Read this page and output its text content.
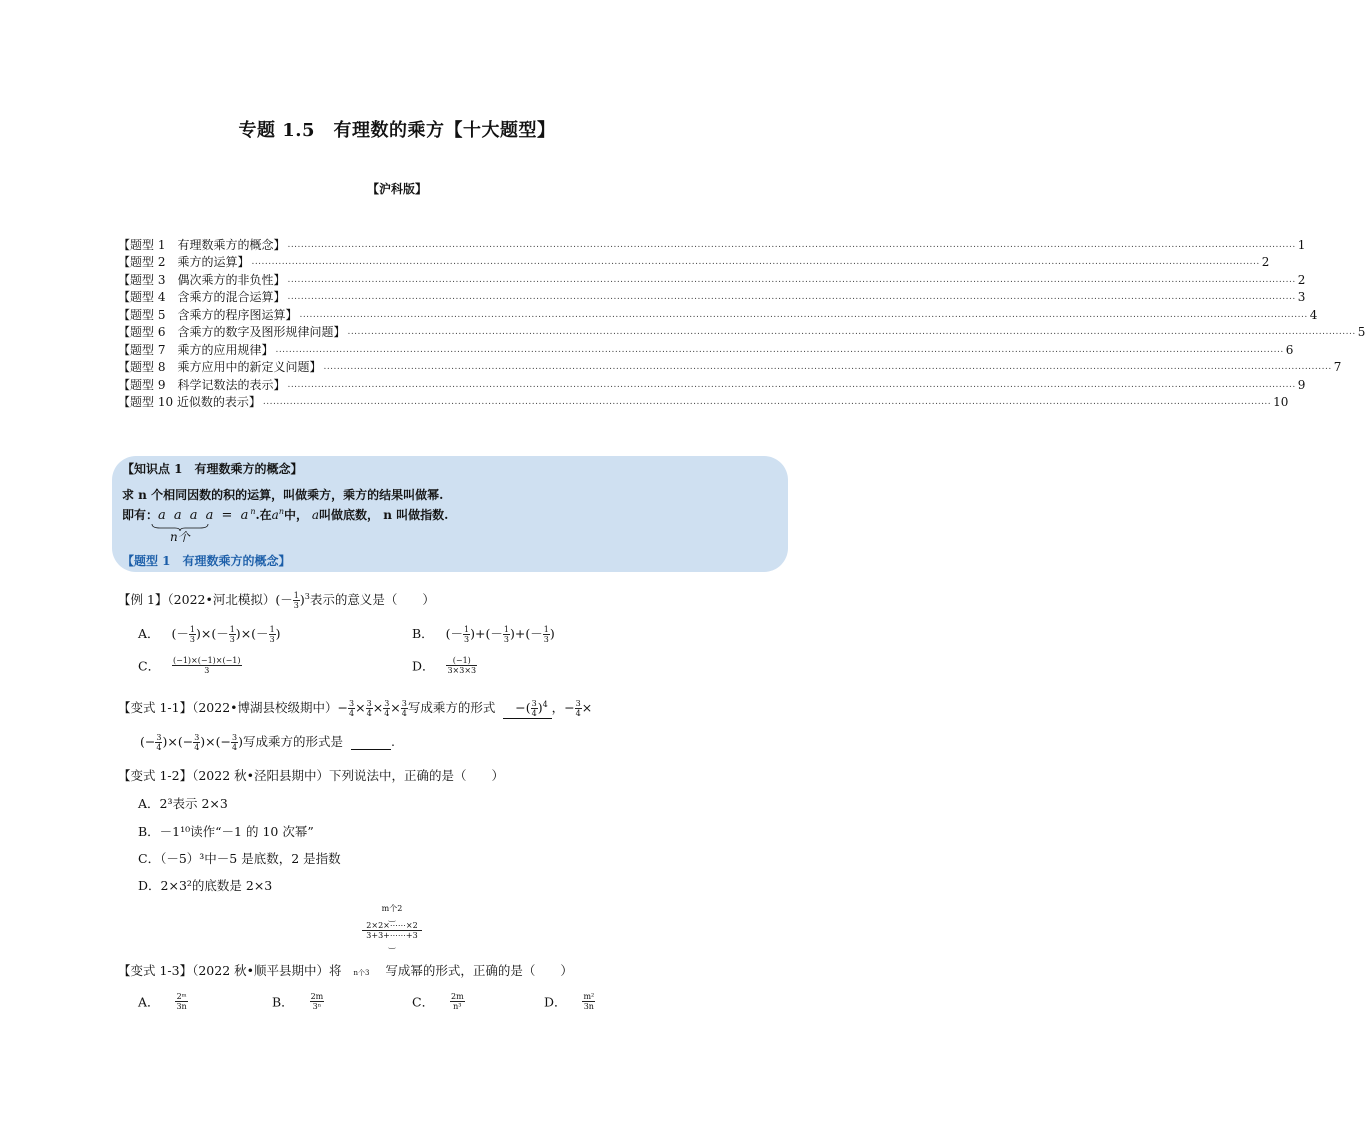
专题 1.5　有理数的乘方【十大题型】
【沪科版】
【题型 1　有理数乘方的概念】 ............................................................................................................................................................................................................................................................................................................ 1
【题型 2　乘方的运算】 ............................................................................................................................................................................................................................................................................................................ 2
【题型 3　偶次乘方的非负性】 ............................................................................................................................................................................................................................................................................................................ 2
【题型 4　含乘方的混合运算】 ............................................................................................................................................................................................................................................................................................................ 3
【题型 5　含乘方的程序图运算】 ............................................................................................................................................................................................................................................................................................................ 4
【题型 6　含乘方的数字及图形规律问题】 ............................................................................................................................................................................................................................................................................................................ 5
【题型 7　乘方的应用规律】 ............................................................................................................................................................................................................................................................................................................ 6
【题型 8　乘方应用中的新定义问题】 ............................................................................................................................................................................................................................................................................................................ 7
【题型 9　科学记数法的表示】 ............................................................................................................................................................................................................................................................................................................ 9
【题型 10 近似数的表示】 ............................................................................................................................................................................................................................................................................................................ 10
【知识点 1　有理数乘方的概念】
求 n 个相同因数的积的运算，叫做乘方，乘方的结果叫做幂.
即有：a a a $a = a^n$.在$a^n$中， a叫做底数， n 叫做指数.
n个
【题型 1　有理数乘方的概念】
【例 1】（2022•河北模拟）(－ $\frac{1}{3} )^3$表示的意义是（　　）
A． (－ $\frac{1}{3}$ )×(－ $\frac{1}{3}$ )×(－ $\frac{1}{3}$ )	B． (－ $\frac{1}{3}$ )+(－ $\frac{1}{3}$ )+(－ $\frac{1}{3}$ )
C． $\frac{(-1)\times(-1)\times(-1)}{3}$	D． $\frac{(-1)}{3\times 3\times 3}$
【变式 1-1】（2022•博湖县校级期中）− $\frac{3}{4} \times \frac{3}{4} \times \frac{3}{4} \times \frac{3}{4}$ 写成乘方的形式 −( $\frac{3}{4} )^4$ ，− $\frac{3}{4}$ ×
(− $\frac{3}{4}$ )×(− $\frac{3}{4}$ )×(− $\frac{3}{4}$ )写成乘方的形式是	.
【变式 1-2】（2022 秋•泾阳县期中）下列说法中，正确的是（　　）
A．2³表示 2×3
B．－1¹⁰读作“－1 的 10 次幂”
C．（－5）³中－5 是底数，2 是指数
D．2×3²的底数是 2×3
m个2
‿
2×2×⋯⋯×2
3+3+⋯⋯+3
‿
【变式 1-3】（2022 秋•顺平县期中）将 n个3 写成幂的形式，正确的是（　　）
A． $\frac{\text{2ᵐ}}{3n}$	B． $\frac{2m}{\text{3ⁿ}}$	C． $\frac{2m}{\text{n³}}$	D． $\frac{\text{m²}}{3n}$
